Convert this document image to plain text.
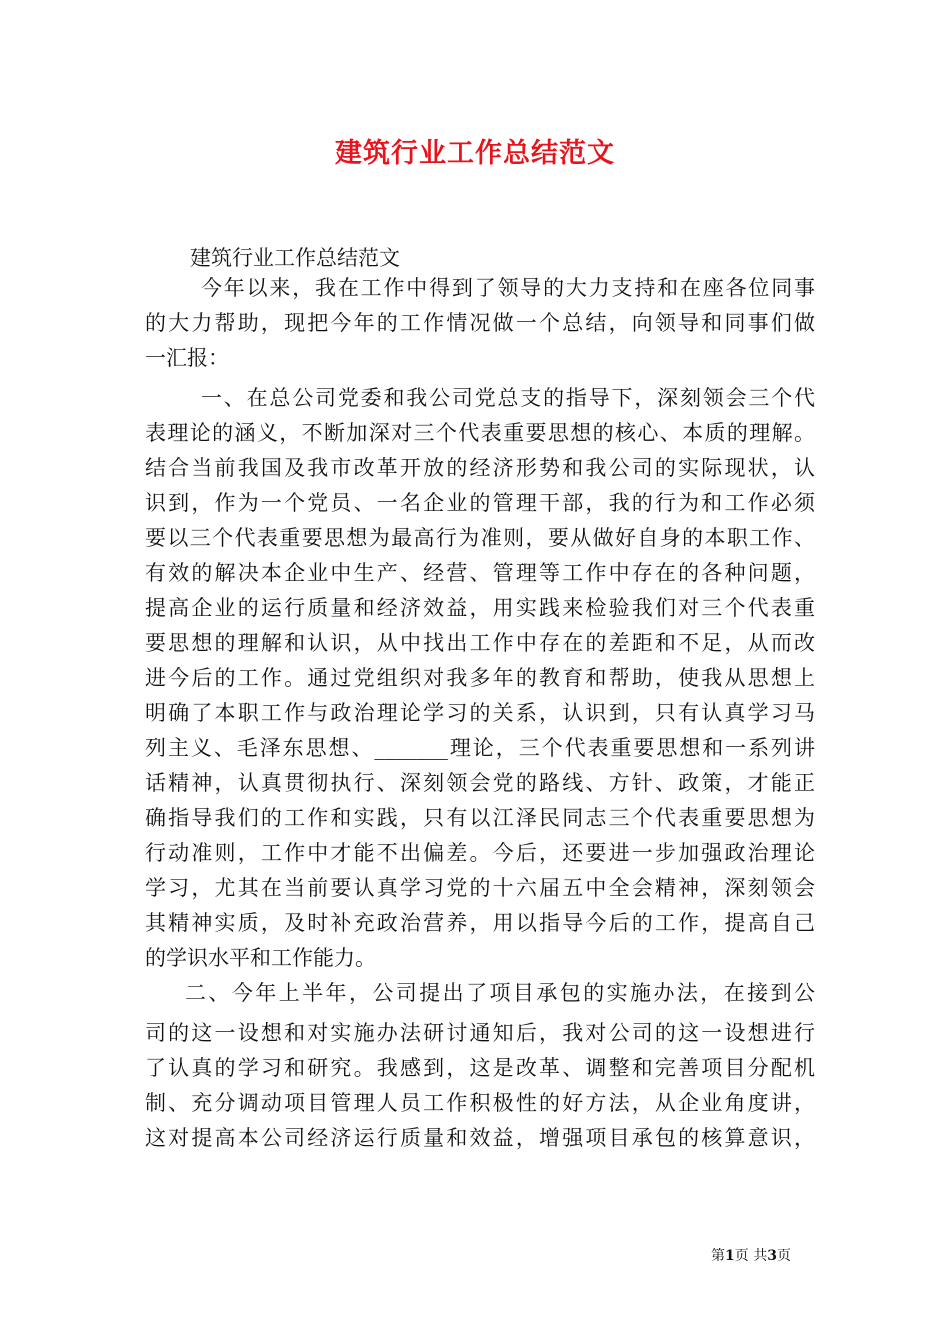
建筑行业工作总结范文
建筑行业工作总结范文
今年以来，我在工作中得到了领导的大力支持和在座各位同事
的大力帮助，现把今年的工作情况做一个总结，向领导和同事们做
一汇报：
一、在总公司党委和我公司党总支的指导下，深刻领会三个代
表理论的涵义，不断加深对三个代表重要思想的核心、本质的理解。
结合当前我国及我市改革开放的经济形势和我公司的实际现状，认
识到，作为一个党员、一名企业的管理干部，我的行为和工作必须
要以三个代表重要思想为最高行为准则，要从做好自身的本职工作、
有效的解决本企业中生产、经营、管理等工作中存在的各种问题，
提高企业的运行质量和经济效益，用实践来检验我们对三个代表重
要思想的理解和认识，从中找出工作中存在的差距和不足，从而改
进今后的工作。通过党组织对我多年的教育和帮助，使我从思想上
明确了本职工作与政治理论学习的关系，认识到，只有认真学习马
列主义、毛泽东思想、_______理论，三个代表重要思想和一系列讲
话精神，认真贯彻执行、深刻领会党的路线、方针、政策，才能正
确指导我们的工作和实践，只有以江泽民同志三个代表重要思想为
行动准则，工作中才能不出偏差。今后，还要进一步加强政治理论
学习，尤其在当前要认真学习党的十六届五中全会精神，深刻领会
其精神实质，及时补充政治营养，用以指导今后的工作，提高自己
的学识水平和工作能力。
二、今年上半年，公司提出了项目承包的实施办法，在接到公
司的这一设想和对实施办法研讨通知后，我对公司的这一设想进行
了认真的学习和研究。我感到，这是改革、调整和完善项目分配机
制、充分调动项目管理人员工作积极性的好方法，从企业角度讲，
这对提高本公司经济运行质量和效益，增强项目承包的核算意识，
第1页 共3页
